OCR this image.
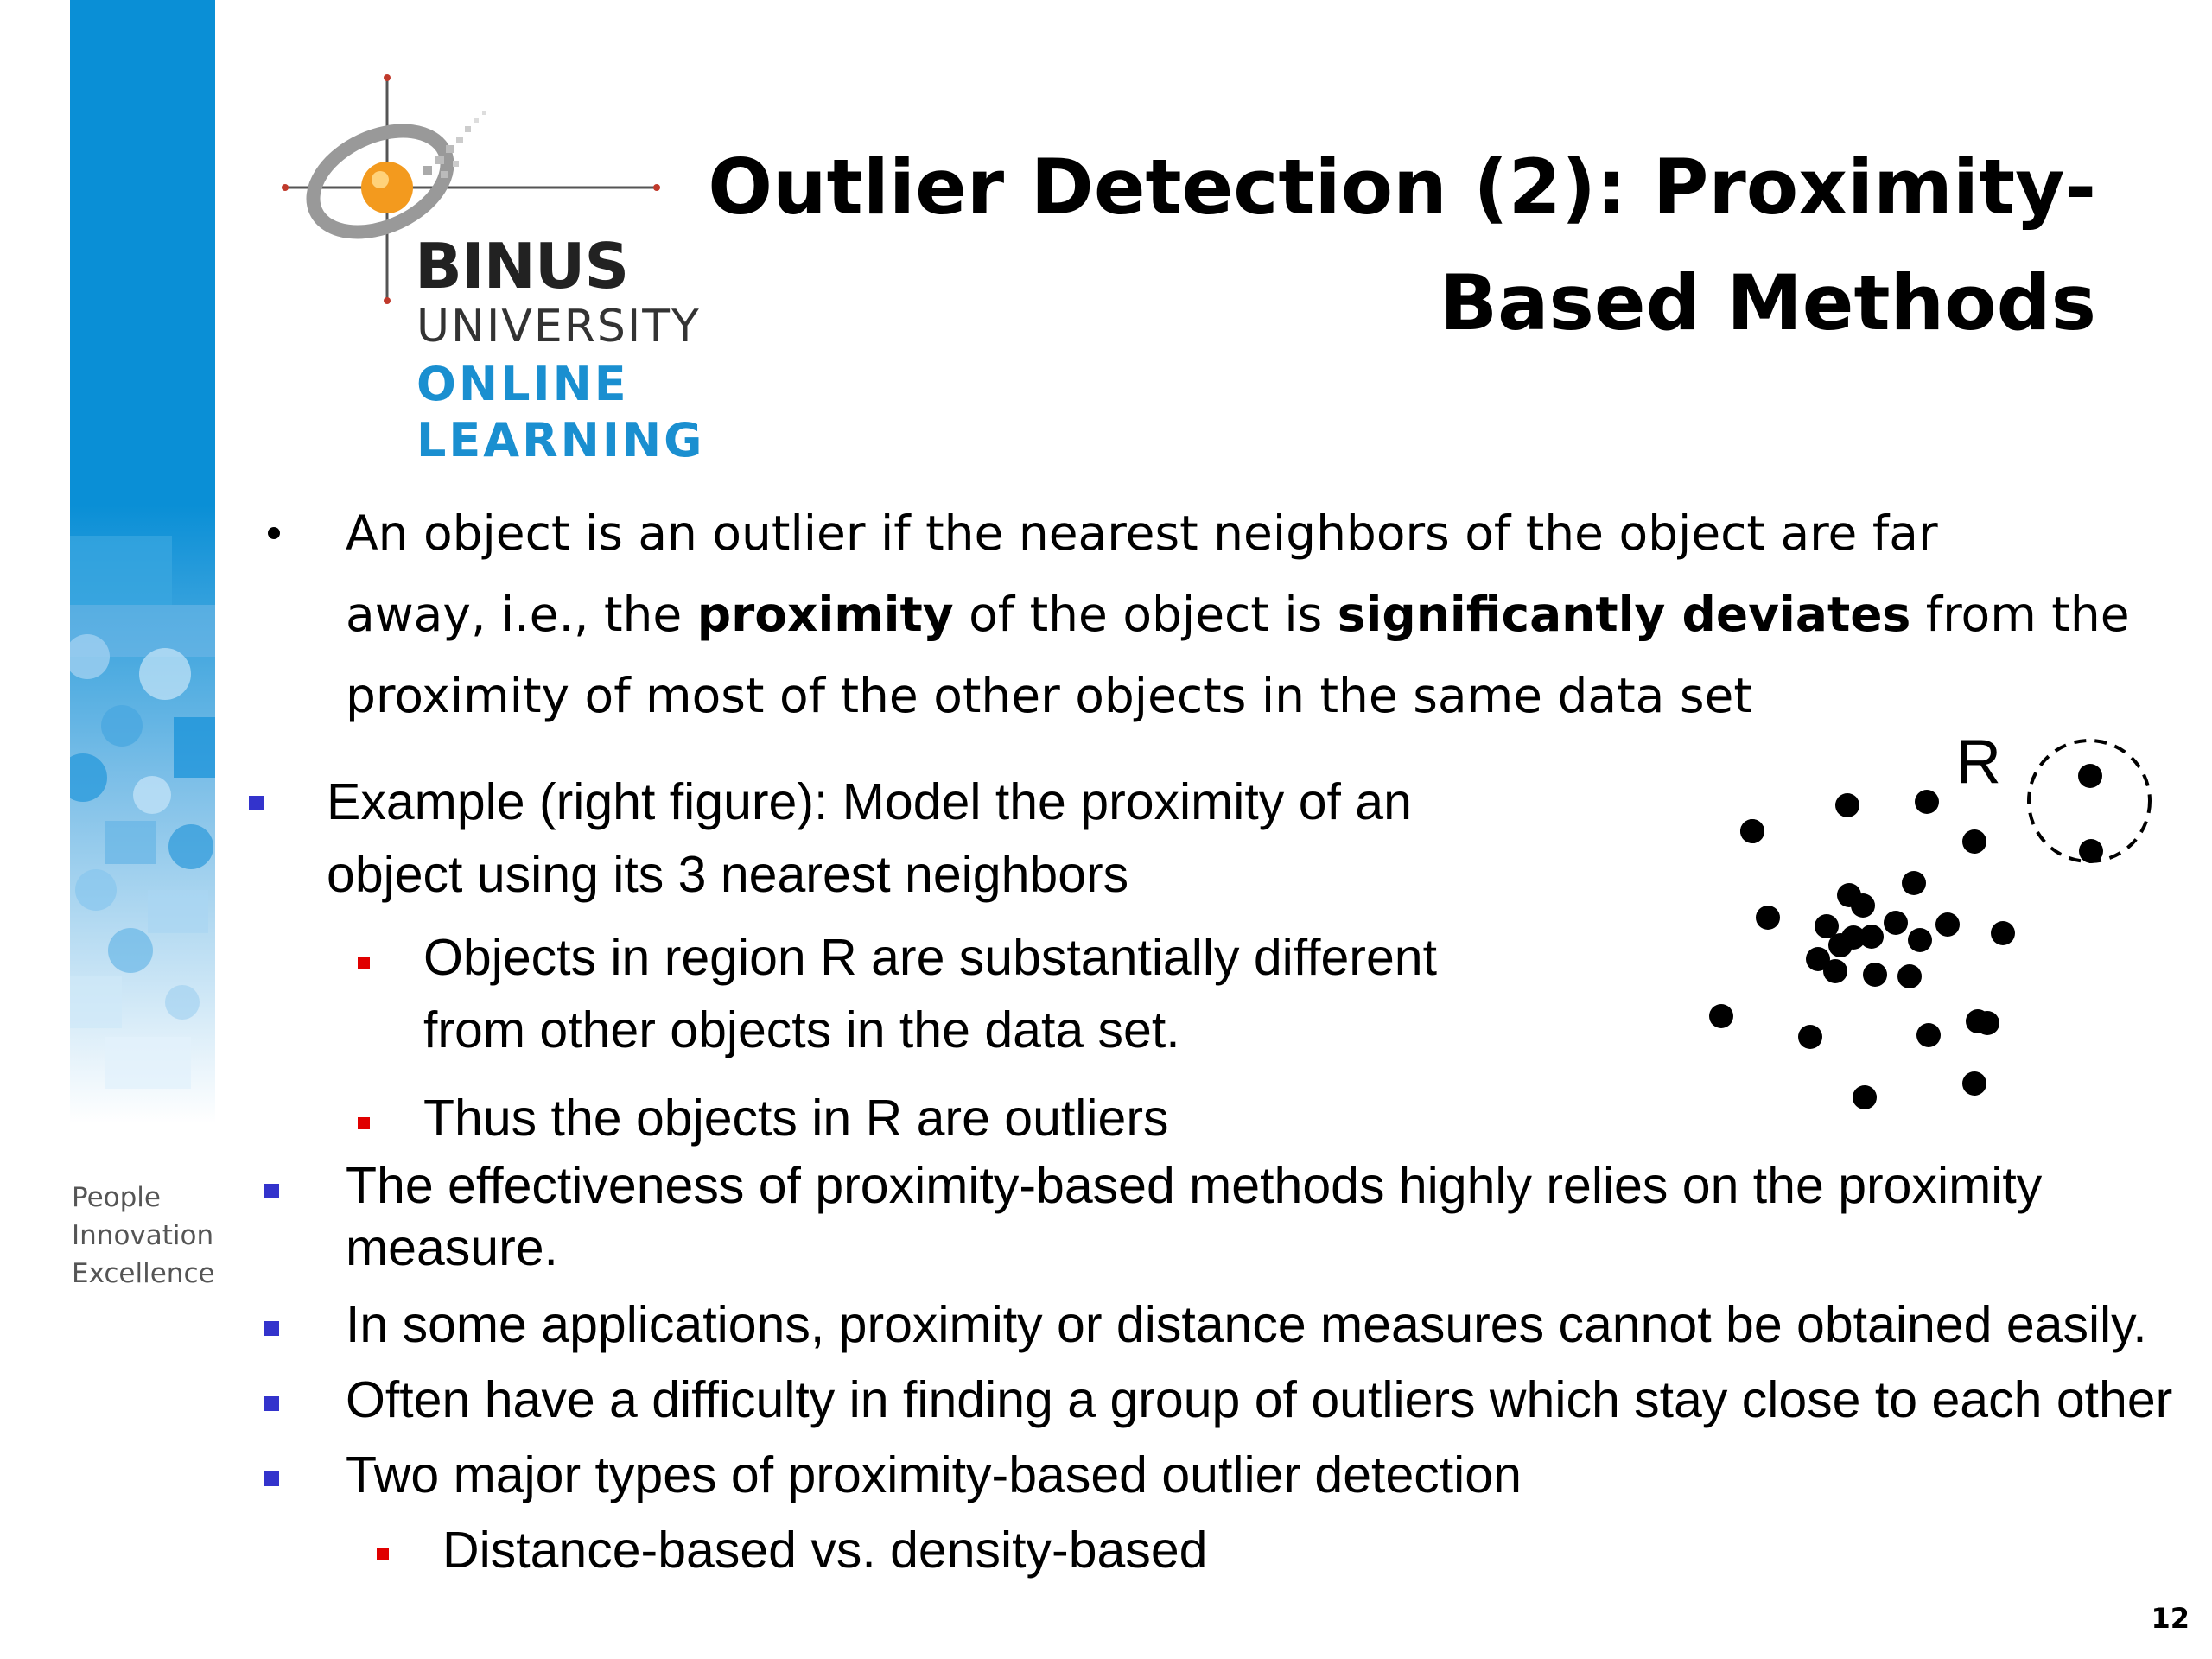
BINUS
UNIVERSITY
ONLINE
LEARNING
People
Innovation
Excellence
Outlier Detection (2): Proximity-
Based Methods
An object is an outlier if the nearest neighbors of the object are far
away, i.e., the proximity of the object is significantly deviates from the
proximity of most of the other objects in the same data set
Example (right figure): Model the proximity of an
object using its 3 nearest neighbors
Objects in region R are substantially different
from other objects in the data set.
Thus the objects in R are outliers
The effectiveness of proximity-based methods highly relies on the proximity
measure.
In some applications, proximity or distance measures cannot be obtained easily.
Often have a difficulty in finding a group of outliers which stay close to each other
Two major types of proximity-based outlier detection
Distance-based vs. density-based
R
12
